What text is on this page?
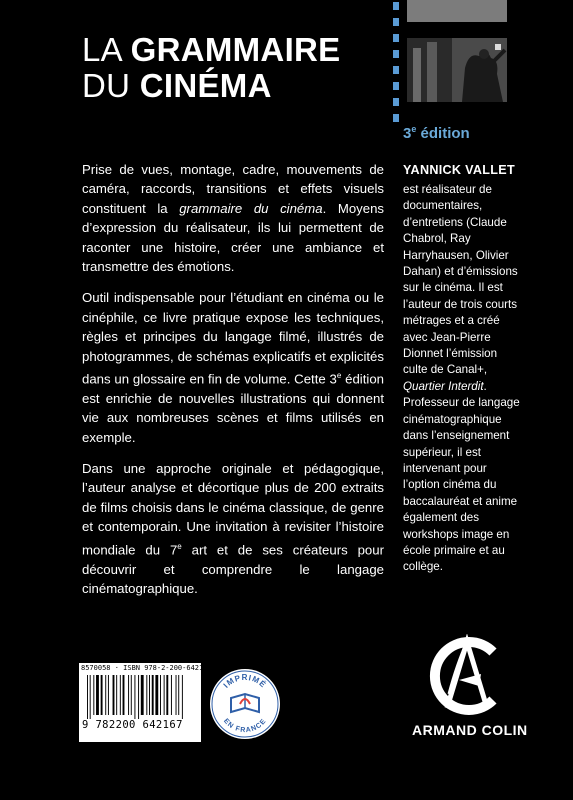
LA GRAMMAIRE
DU CINÉMA
3e édition

Prise de vues, montage, cadre, mouvements de caméra, raccords, transitions et effets visuels constituent la grammaire du cinéma. Moyens d’expression du réalisateur, ils lui permettent de raconter une histoire, créer une ambiance et transmettre des émotions.

Outil indispensable pour l’étudiant en cinéma ou le cinéphile, ce livre pratique expose les techniques, règles et principes du langage filmé, illustrés de photogrammes, de schémas explicatifs et explicités dans un glossaire en fin de volume. Cette 3e édition est enrichie de nouvelles illustrations qui donnent vie aux nombreuses scènes et films utilisés en exemple.

Dans une approche originale et pédagogique, l’auteur analyse et décortique plus de 200 extraits de films choisis dans le cinéma classique, de genre et contemporain. Une invitation à revisiter l’histoire mondiale du 7e art et de ses créateurs pour découvrir et comprendre le langage cinématographique.

YANNICK VALLET
est réalisateur de documentaires, d’entretiens (Claude Chabrol, Ray Harryhausen, Olivier Dahan) et d’émissions sur le cinéma. Il est l’auteur de trois courts métrages et a créé avec Jean-Pierre Dionnet l’émission culte de Canal+, Quartier Interdit. Professeur de langage cinématographique dans l’enseignement supérieur, il est intervenant pour l’option cinéma du baccalauréat et anime également des workshops image en école primaire et au collège.
8570058 · ISBN 978-2-200-64216-7
9 782200 642167
IMPRIMÉ
EN FRANCE	ARMAND COLIN
